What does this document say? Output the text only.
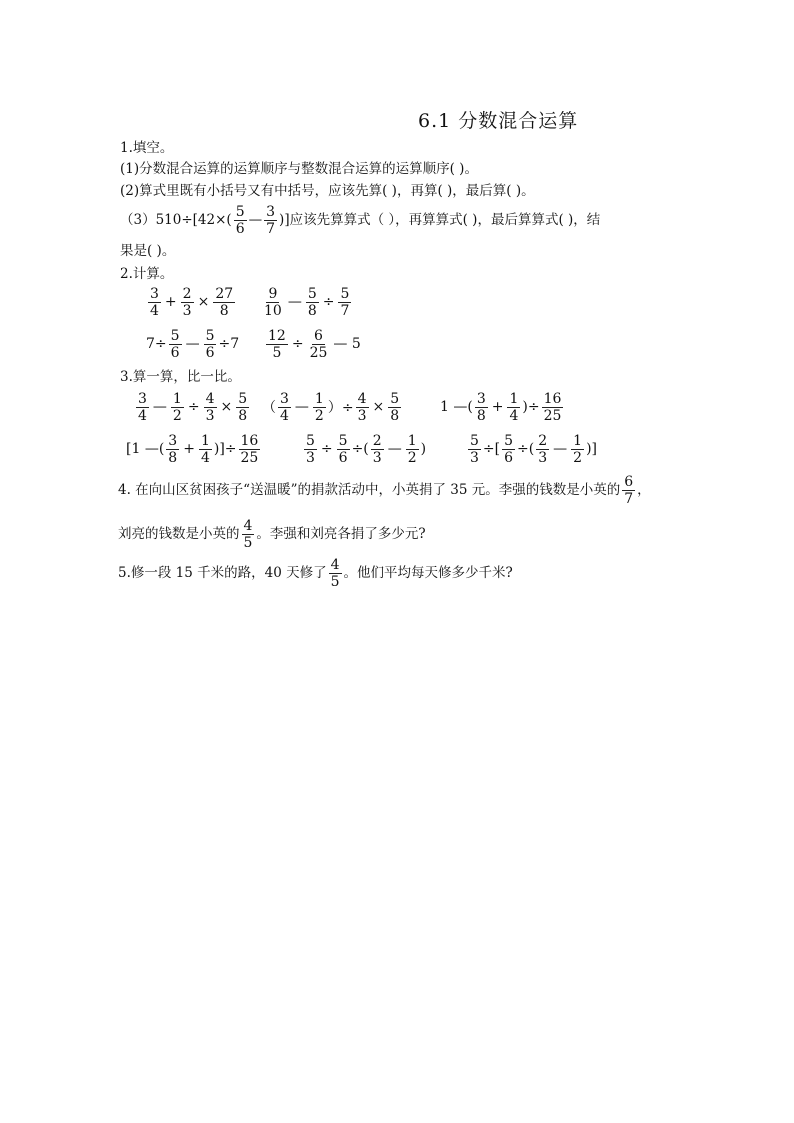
6.1 分数混合运算
1.填空。
(1)分数混合运算的运算顺序与整数混合运算的运算顺序( )。
(2)算式里既有小括号又有中括号，应该先算( )，再算( )，最后算( )。
（3）510÷[42×(
5
6
—
3
7
)]应该先算算式（ ），再算算式( )，最后算算式( )，结
果是( )。
2.计算。
3
4
+ $\frac{2}{3} \times \frac{27}{8} 9$
10
— $\frac{5}{8} \div \frac{5}{7}$
$7\div \frac{5}{6}$ — $\frac{5}{6} \div 7 \frac{12}{5} \div \frac{6}{25}$ — 5
3.算一算，比一比。
3
4
— $\frac{1}{2} \div \frac{4}{3} \times \frac{5}{8}$ （
3
4
—
1
2 ）÷ $\frac{4}{3} \times \frac{5}{8}$	1 —(
3
8
+ $\frac{1}{4}$ )÷ $\frac{16}{25}$
[1 —(
3
8
+ $\frac{1}{4}$ )]÷ $\frac{16}{25}$	$\frac{5}{3} \div \frac{5}{6}$ ÷(
2
3
—
1
2
)	$\frac{5}{3}$ ÷[ $\frac{5}{6}$ ÷(
2
3
—
1
2
)]
4. 在向山区贫困孩子“送温暖”的捐款活动中，小英捐了 35 元。李强的钱数是小英的
6
7
，
刘亮的钱数是小英的
4
5
。李强和刘亮各捐了多少元?
5.修一段 15 千米的路，40 天修了
4
5
。他们平均每天修多少千米?
